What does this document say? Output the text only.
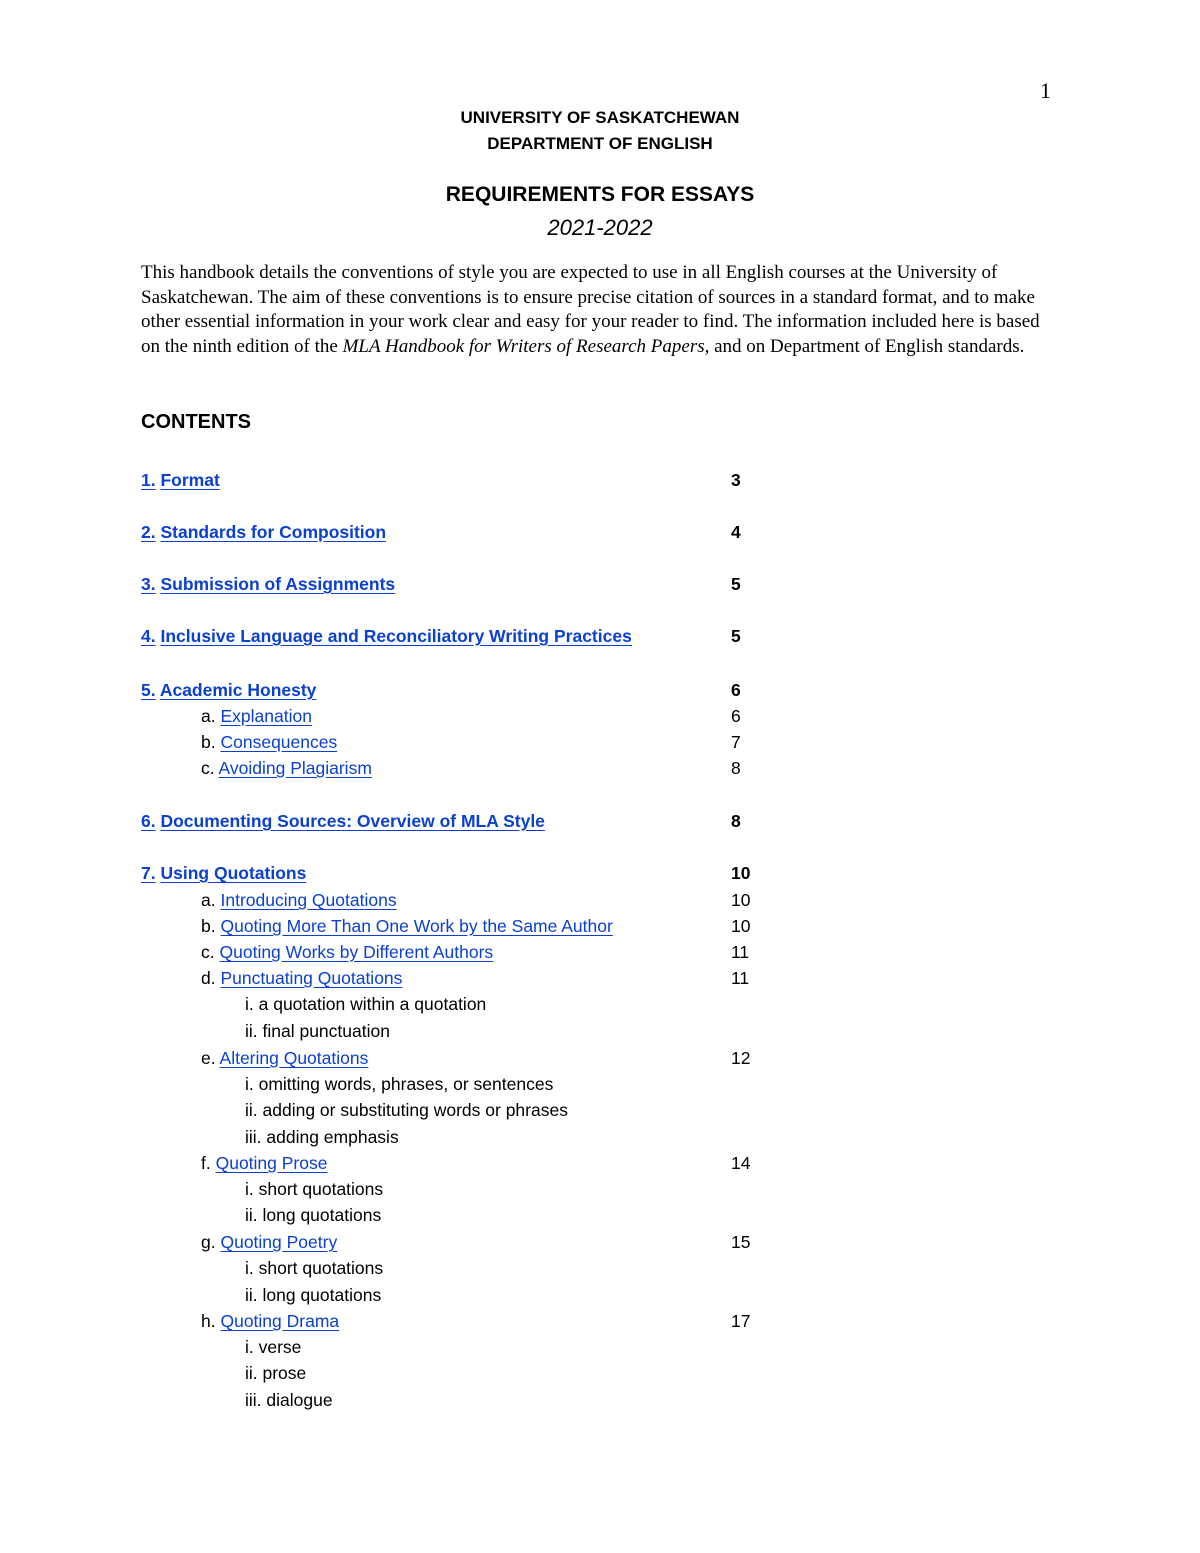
1
UNIVERSITY OF SASKATCHEWAN
DEPARTMENT OF ENGLISH
REQUIREMENTS FOR ESSAYS
2021-2022
This handbook details the conventions of style you are expected to use in all English courses at the University of Saskatchewan. The aim of these conventions is to ensure precise citation of sources in a standard format, and to make other essential information in your work clear and easy for your reader to find. The information included here is based on the ninth edition of the MLA Handbook for Writers of Research Papers, and on Department of English standards.
CONTENTS
1. Format	3
2. Standards for Composition	4
3. Submission of Assignments	5
4. Inclusive Language and Reconciliatory Writing Practices	5
5. Academic Honesty	6
a. Explanation	6
b. Consequences	7
c. Avoiding Plagiarism	8
6. Documenting Sources: Overview of MLA Style	8
7. Using Quotations	10
a. Introducing Quotations	10
b. Quoting More Than One Work by the Same Author	10
c. Quoting Works by Different Authors	11
d. Punctuating Quotations	11
i. a quotation within a quotation
ii. final punctuation
e. Altering Quotations	12
i. omitting words, phrases, or sentences
ii. adding or substituting words or phrases
iii. adding emphasis
f. Quoting Prose	14
i. short quotations
ii. long quotations
g. Quoting Poetry	15
i. short quotations
ii. long quotations
h. Quoting Drama	17
i. verse
ii. prose
iii. dialogue
